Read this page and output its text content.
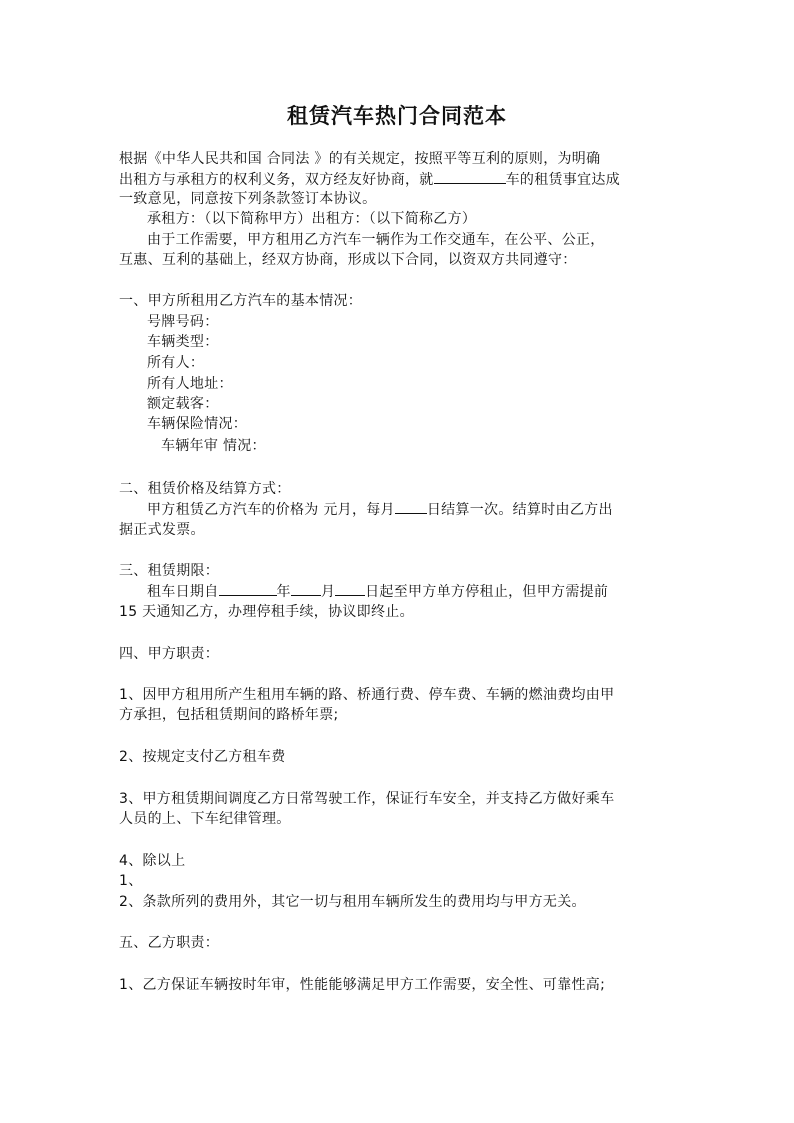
租赁汽车热门合同范本
根据《中华人民共和国 合同法 》的有关规定，按照平等互利的原则，为明确
出租方与承租方的权利义务，双方经友好协商，就	车的租赁事宜达成
一致意见，同意按下列条款签订本协议。
承租方：（以下简称甲方）出租方：（以下简称乙方）
由于工作需要，甲方租用乙方汽车一辆作为工作交通车，在公平、公正，
互惠、互利的基础上，经双方协商，形成以下合同，以资双方共同遵守：
一、甲方所租用乙方汽车的基本情况：
号牌号码：
车辆类型：
所有人：
所有人地址：
额定载客：
车辆保险情况：
车辆年审 情况：
二、租赁价格及结算方式：
甲方租赁乙方汽车的价格为 元月，每月 日结算一次。结算时由乙方出
据正式发票。
三、租赁期限：
租车日期自	年 月 日起至甲方单方停租止，但甲方需提前
15 天通知乙方，办理停租手续，协议即终止。
四、甲方职责：
1、因甲方租用所产生租用车辆的路、桥通行费、停车费、车辆的燃油费均由甲
方承担，包括租赁期间的路桥年票;
2、按规定支付乙方租车费
3、甲方租赁期间调度乙方日常驾驶工作，保证行车安全，并支持乙方做好乘车
人员的上、下车纪律管理。
4、除以上
1、
2、条款所列的费用外，其它一切与租用车辆所发生的费用均与甲方无关。
五、乙方职责：
1、乙方保证车辆按时年审，性能能够满足甲方工作需要，安全性、可靠性高;
